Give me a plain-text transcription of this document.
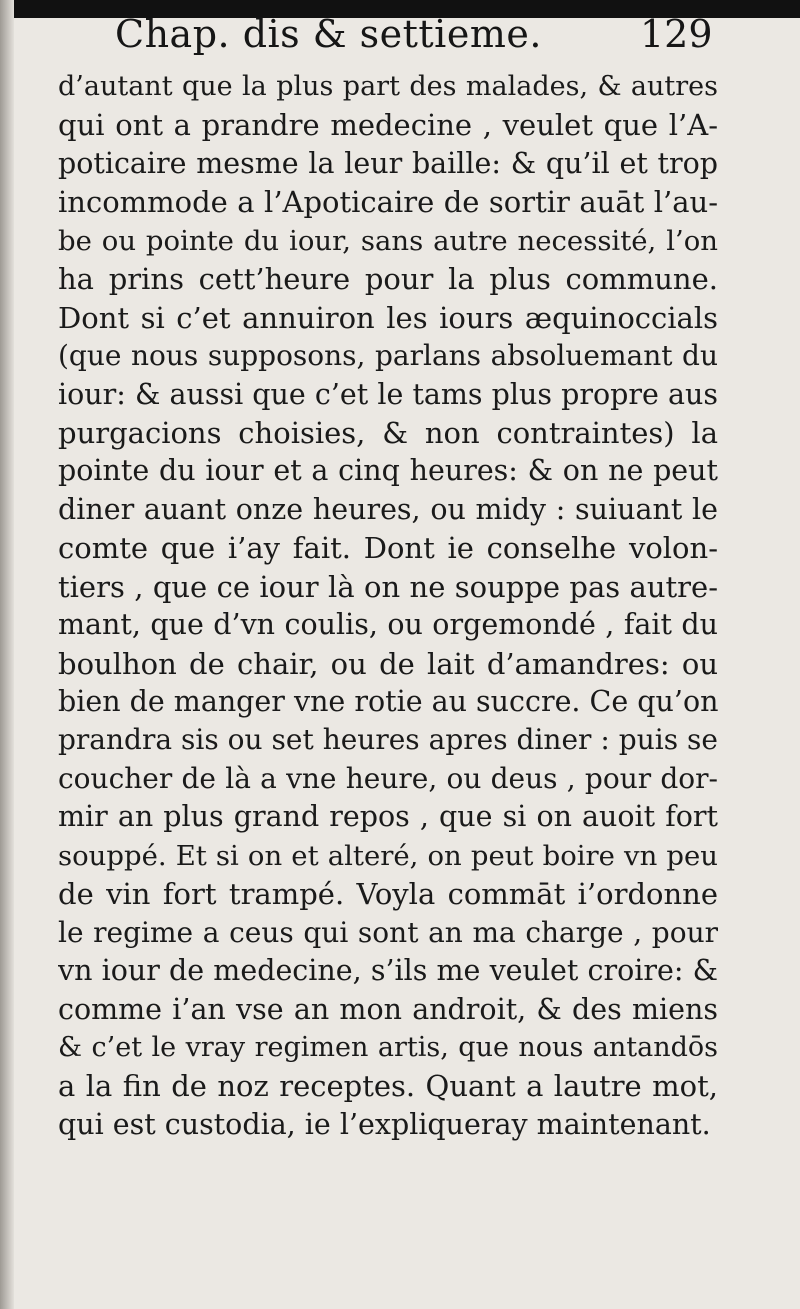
Chap. dis & settieme.	129
d’autant que la plus part des malades, & autres
qui ont a prandre medecine , veulet que l’A-
poticaire mesme la leur baille: & qu’il et trop
incommode a l’Apoticaire de sortir auāt l’au-
be ou pointe du iour, sans autre necessité, l’on
ha prins cett’heure pour la plus commune.
Dont si c’et annuiron les iours æquinoccials
(que nous supposons, parlans absoluemant du
iour: & aussi que c’et le tams plus propre aus
purgacions choisies, & non contraintes) la
pointe du iour et a cinq heures: & on ne peut
diner auant onze heures, ou midy : suiuant le
comte que i’ay fait. Dont ie conselhe volon-
tiers , que ce iour là on ne souppe pas autre-
mant, que d’vn coulis, ou orgemondé , fait du
boulhon de chair, ou de lait d’amandres: ou
bien de manger vne rotie au succre. Ce qu’on
prandra sis ou set heures apres diner : puis se
coucher de là a vne heure, ou deus , pour dor-
mir an plus grand repos , que si on auoit fort
souppé. Et si on et alteré, on peut boire vn peu
de vin fort trampé. Voyla commāt i’ordonne
le regime a ceus qui sont an ma charge , pour
vn iour de medecine, s’ils me veulet croire: &
comme i’an vse an mon androit, & des miens
& c’et le vray regimen artis, que nous antandōs
a la fin de noz receptes. Quant a lautre mot,
qui est custodia, ie l’expliqueray maintenant.
